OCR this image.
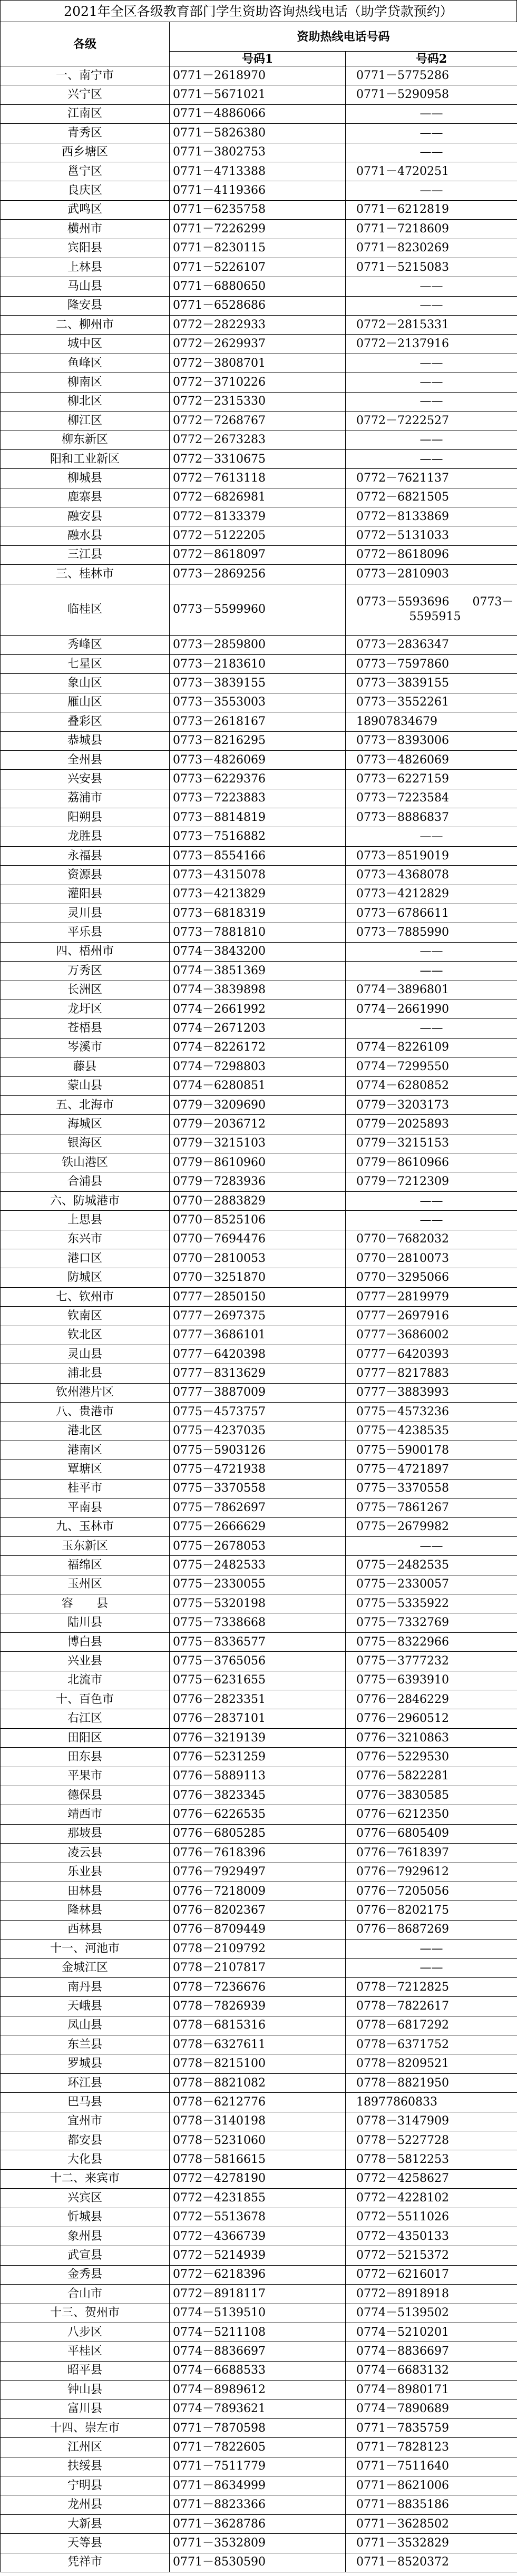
2021年全区各级教育部门学生资助咨询热线电话（助学贷款预约）
各级	资助热线电话号码	
	号码1	号码2
一、南宁市	0771－2618970	0771－5775286
兴宁区	0771－5671021	0771－5290958
江南区	0771－4886066	——
青秀区	0771－5826380	——
西乡塘区	0771－3802753	——
邕宁区	0771－4713388	0771－4720251
良庆区	0771－4119366	——
武鸣区	0771－6235758	0771－6212819
横州市	0771－7226299	0771－7218609
宾阳县	0771－8230115	0771－8230269
上林县	0771－5226107	0771－5215083
马山县	0771－6880650	——
隆安县	0771－6528686	——
二、柳州市	0772－2822933	0772－2815331
城中区	0772－2629937	0772－2137916
鱼峰区	0772－3808701	——
柳南区	0772－3710226	——
柳北区	0772－2315330	——
柳江区	0772－7268767	0772－7222527
柳东新区	0772－2673283	——
阳和工业新区	0772－3310675	——
柳城县	0772－7613118	0772－7621137
鹿寨县	0772－6826981	0772－6821505
融安县	0772－8133379	0772－8133869
融水县	0772－5122205	0772－5131033
三江县	0772－8618097	0772－8618096
三、桂林市	0773－2869256	0773－2810903
临桂区	0773－5599960	0773－5593696　　0773－5595915
秀峰区	0773－2859800	0773－2836347
七星区	0773－2183610	0773－7597860
象山区	0773－3839155	0773－3839155
雁山区	0773－3553003	0773－3552261
叠彩区	0773－2618167	18907834679
恭城县	0773－8216295	0773－8393006
全州县	0773－4826069	0773－4826069
兴安县	0773－6229376	0773－6227159
荔浦市	0773－7223883	0773－7223584
阳朔县	0773－8814819	0773－8886837
龙胜县	0773－7516882	——
永福县	0773－8554166	0773－8519019
资源县	0773－4315078	0773－4368078
灌阳县	0773－4213829	0773－4212829
灵川县	0773－6818319	0773－6786611
平乐县	0773－7881810	0773－7885990
四、梧州市	0774－3843200	——
万秀区	0774－3851369	——
长洲区	0774－3839898	0774－3896801
龙圩区	0774－2661992	0774－2661990
苍梧县	0774－2671203	——
岑溪市	0774－8226172	0774－8226109
藤县	0774－7298803	0774－7299550
蒙山县	0774－6280851	0774－6280852
五、北海市	0779－3209690	0779－3203173
海城区	0779－2036712	0779－2025893
银海区	0779－3215103	0779－3215153
铁山港区	0779－8610960	0779－8610966
合浦县	0779－7283936	0779－7212309
六、防城港市	0770－2883829	——
上思县	0770－8525106	——
东兴市	0770－7694476	0770－7682032
港口区	0770－2810053	0770－2810073
防城区	0770－3251870	0770－3295066
七、钦州市	0777－2850150	0777－2819979
钦南区	0777－2697375	0777－2697916
钦北区	0777－3686101	0777－3686002
灵山县	0777－6420398	0777－6420393
浦北县	0777－8313629	0777－8217883
钦州港片区	0777－3887009	0777－3883993
八、贵港市	0775－4573757	0775－4573236
港北区	0775－4237035	0775－4238535
港南区	0775－5903126	0775－5900178
覃塘区	0775－4721938	0775－4721897
桂平市	0775－3370558	0775－3370558
平南县	0775－7862697	0775－7861267
九、玉林市	0775－2666629	0775－2679982
玉东新区	0775－2678053	——
福绵区	0775－2482533	0775－2482535
玉州区	0775－2330055	0775－2330057
容　　县	0775－5320198	0775－5335922
陆川县	0775－7338668	0775－7332769
博白县	0775－8336577	0775－8322966
兴业县	0775－3765056	0775－3777232
北流市	0775－6231655	0775－6393910
十、百色市	0776－2823351	0776－2846229
右江区	0776－2837101	0776－2960512
田阳区	0776－3219139	0776－3210863
田东县	0776－5231259	0776－5229530
平果市	0776－5889113	0776－5822281
德保县	0776－3823345	0776－3830585
靖西市	0776－6226535	0776－6212350
那坡县	0776－6805285	0776－6805409
凌云县	0776－7618396	0776－7618397
乐业县	0776－7929497	0776－7929612
田林县	0776－7218009	0776－7205056
隆林县	0776－8202367	0776－8202175
西林县	0776－8709449	0776－8687269
十一、河池市	0778－2109792	——
金城江区	0778－2107817	——
南丹县	0778－7236676	0778－7212825
天峨县	0778－7826939	0778－7822617
凤山县	0778－6815316	0778－6817292
东兰县	0778－6327611	0778－6371752
罗城县	0778－8215100	0778－8209521
环江县	0778－8821082	0778－8821950
巴马县	0778－6212776	18977860833
宜州市	0778－3140198	0778－3147909
都安县	0778－5231060	0778－5227728
大化县	0778－5816615	0778－5812253
十二、来宾市	0772－4278190	0772－4258627
兴宾区	0772－4231855	0772－4228102
忻城县	0772－5513678	0772－5511026
象州县	0772－4366739	0772－4350133
武宣县	0772－5214939	0772－5215372
金秀县	0772－6218396	0772－6216017
合山市	0772－8918117	0772－8918918
十三、贺州市	0774－5139510	0774－5139502
八步区	0774－5211108	0774－5210201
平桂区	0774－8836697	0774－8836697
昭平县	0774－6688533	0774－6683132
钟山县	0774－8989612	0774－8980171
富川县	0774－7893621	0774－7890689
十四、崇左市	0771－7870598	0771－7835759
江州区	0771－7822605	0771－7828123
扶绥县	0771－7511779	0771－7511640
宁明县	0771－8634999	0771－8621006
龙州县	0771－8823366	0771－8835186
大新县	0771－3628786	0771－3628502
天等县	0771－3532809	0771－3532829
凭祥市	0771－8530590	0771－8520372
